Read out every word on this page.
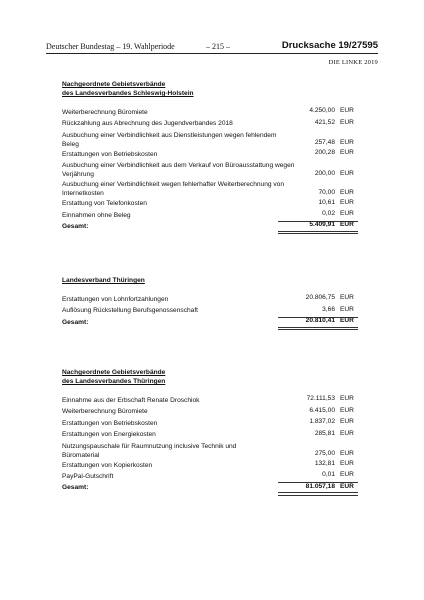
Deutscher Bundestag – 19. Wahlperiode	– 215 –	Drucksache 19/27595
DIE LINKE 2019
Nachgeordnete Gebietsverbände
des Landesverbandes Schleswig-Holstein
Weiterberechnung Büromiete	4.250,00 EUR
Rückzahlung aus Abrechnung des Jugendverbandes 2018	421,52 EUR
Ausbuchung einer Verbindlichkeit aus Dienstleistungen wegen fehlendem Beleg	257,48 EUR
Erstattungen von Betriebskosten	200,28 EUR
Ausbuchung einer Verbindlichkeit aus dem Verkauf von Büroausstattung wegen Verjährung	200,00 EUR
Ausbuchung einer Verbindlichkeit wegen fehlerhafter Weiterberechnung von Internetkosten	70,00 EUR
Erstattung von Telefonkosten	10,61 EUR
Einnahmen ohne Beleg	0,02 EUR
Gesamt:	5.409,91 EUR
Landesverband Thüringen
Erstattungen von Lohnfortzahlungen	20.806,75 EUR
Auflösung Rückstellung Berufsgenossenschaft	3,66 EUR
Gesamt:	20.810,41 EUR
Nachgeordnete Gebietsverbände
des Landesverbandes Thüringen
Einnahme aus der Erbschaft Renate Droschiok	72.111,53 EUR
Weiterberechnung Büromiete	6.415,00 EUR
Erstattungen von Betriebskosten	1.837,02 EUR
Erstattungen von Energiekosten	285,81 EUR
Nutzungspauschale für Raumnutzung inclusive Technik und Büromaterial	275,00 EUR
Erstattungen von Kopierkosten	132,81 EUR
PayPal-Gutschrift	0,01 EUR
Gesamt:	81.057,18 EUR
